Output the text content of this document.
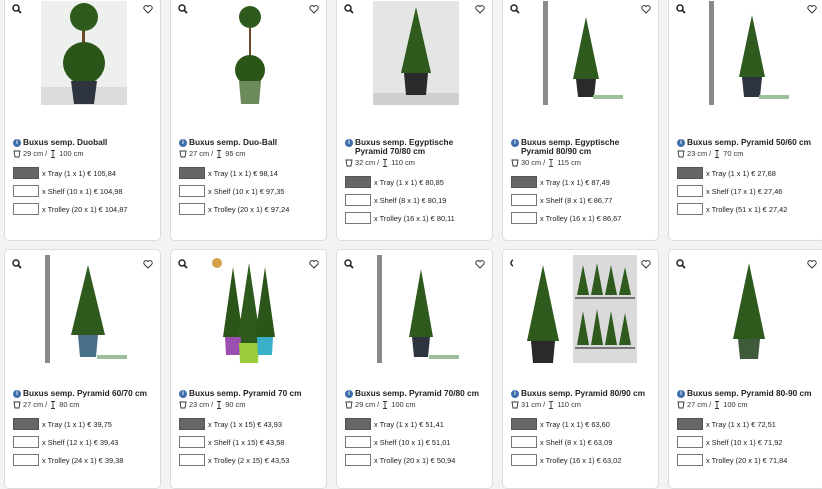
i Buxus semp. Duoball
29 cm / 100 cm
x Tray (1 x 1) € 105,84
x Shelf (10 x 1) € 104,98
x Trolley (20 x 1) € 104,87
i Buxus semp. Duo-Ball
27 cm / 95 cm
x Tray (1 x 1) € 98,14
x Shelf (10 x 1) € 97,35
x Trolley (20 x 1) € 97,24
i Buxus semp. Egyptische Pyramid 70/80 cm
32 cm / 110 cm
x Tray (1 x 1) € 80,85
x Shelf (8 x 1) € 80,19
x Trolley (16 x 1) € 80,11
i Buxus semp. Egyptische Pyramid 80/90 cm
30 cm / 115 cm
x Tray (1 x 1) € 87,49
x Shelf (8 x 1) € 86,77
x Trolley (16 x 1) € 86,67
i Buxus semp. Pyramid 50/60 cm
23 cm / 70 cm
x Tray (1 x 1) € 27,68
x Shelf (17 x 1) € 27,46
x Trolley (51 x 1) € 27,42
i Buxus semp. Pyramid 60/70 cm
27 cm / 80 cm
x Tray (1 x 1) € 39,75
x Shelf (12 x 1) € 39,43
x Trolley (24 x 1) € 39,38
i Buxus semp. Pyramid 70 cm
23 cm / 90 cm
x Tray (1 x 15) € 43,93
x Shelf (1 x 15) € 43,58
x Trolley (2 x 15) € 43,53
i Buxus semp. Pyramid 70/80 cm
29 cm / 100 cm
x Tray (1 x 1) € 51,41
x Shelf (10 x 1) € 51,01
x Trolley (20 x 1) € 50,94
i Buxus semp. Pyramid 80/90 cm
31 cm / 110 cm
x Tray (1 x 1) € 63,60
x Shelf (8 x 1) € 63,09
x Trolley (16 x 1) € 63,02
i Buxus semp. Pyramid 80-90 cm
27 cm / 100 cm
x Tray (1 x 1) € 72,51
x Shelf (10 x 1) € 71,92
x Trolley (20 x 1) € 71,84
